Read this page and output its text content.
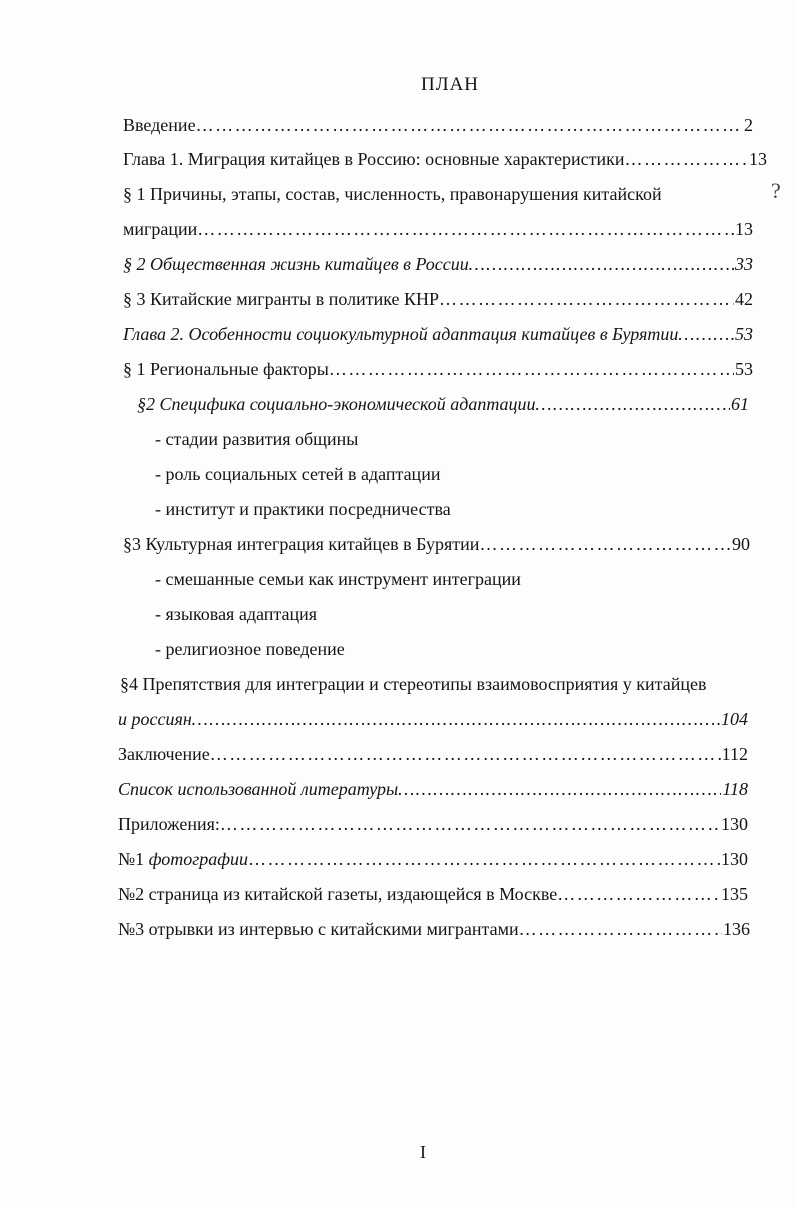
ПЛАН
?
Введение ………………………………………………………………………………………………………………………………………………………………………………	2
Глава 1. Миграция китайцев в Россию: основные характеристики ………………………………………………………………………………………………………………………………………………………………………………	13
§ 1 Причины, этапы, состав, численность, правонарушения китайской
миграции ………………………………………………………………………………………………………………………………………………………………………………	13
§ 2 Общественная жизнь китайцев в России ………………………………………………………………………………………………………………………………………………………………………………	33
§ 3 Китайские мигранты в политике КНР ………………………………………………………………………………………………………………………………………………………………………………	42
Глава 2. Особенности социокультурной адаптация китайцев в Бурятии ………………………………………………………………………………………………………………………………………………………………………………	53
§ 1 Региональные факторы ………………………………………………………………………………………………………………………………………………………………………………	53
§2 Специфика социально-экономической адаптации ………………………………………………………………………………………………………………………………………………………………………………	61
- стадии развития общины
- роль социальных сетей в адаптации
- институт и практики посредничества
§3 Культурная интеграция китайцев в Бурятии ………………………………………………………………………………………………………………………………………………………………………………	90
- смешанные семьи как инструмент интеграции
- языковая адаптация
- религиозное поведение
§4 Препятствия для интеграции и стереотипы взаимовосприятия у китайцев
и россиян ………………………………………………………………………………………………………………………………………………………………………………	104
Заключение ………………………………………………………………………………………………………………………………………………………………………………	112
Список использованной литературы ………………………………………………………………………………………………………………………………………………………………………………	118
Приложения: ………………………………………………………………………………………………………………………………………………………………………………	130
№1 фотографии ………………………………………………………………………………………………………………………………………………………………………………	130
№2 страница из китайской газеты, издающейся в Москве ………………………………………………………………………………………………………………………………………………………………………………	135
№3 отрывки из интервью с китайскими мигрантами ………………………………………………………………………………………………………………………………………………………………………………	136
I
